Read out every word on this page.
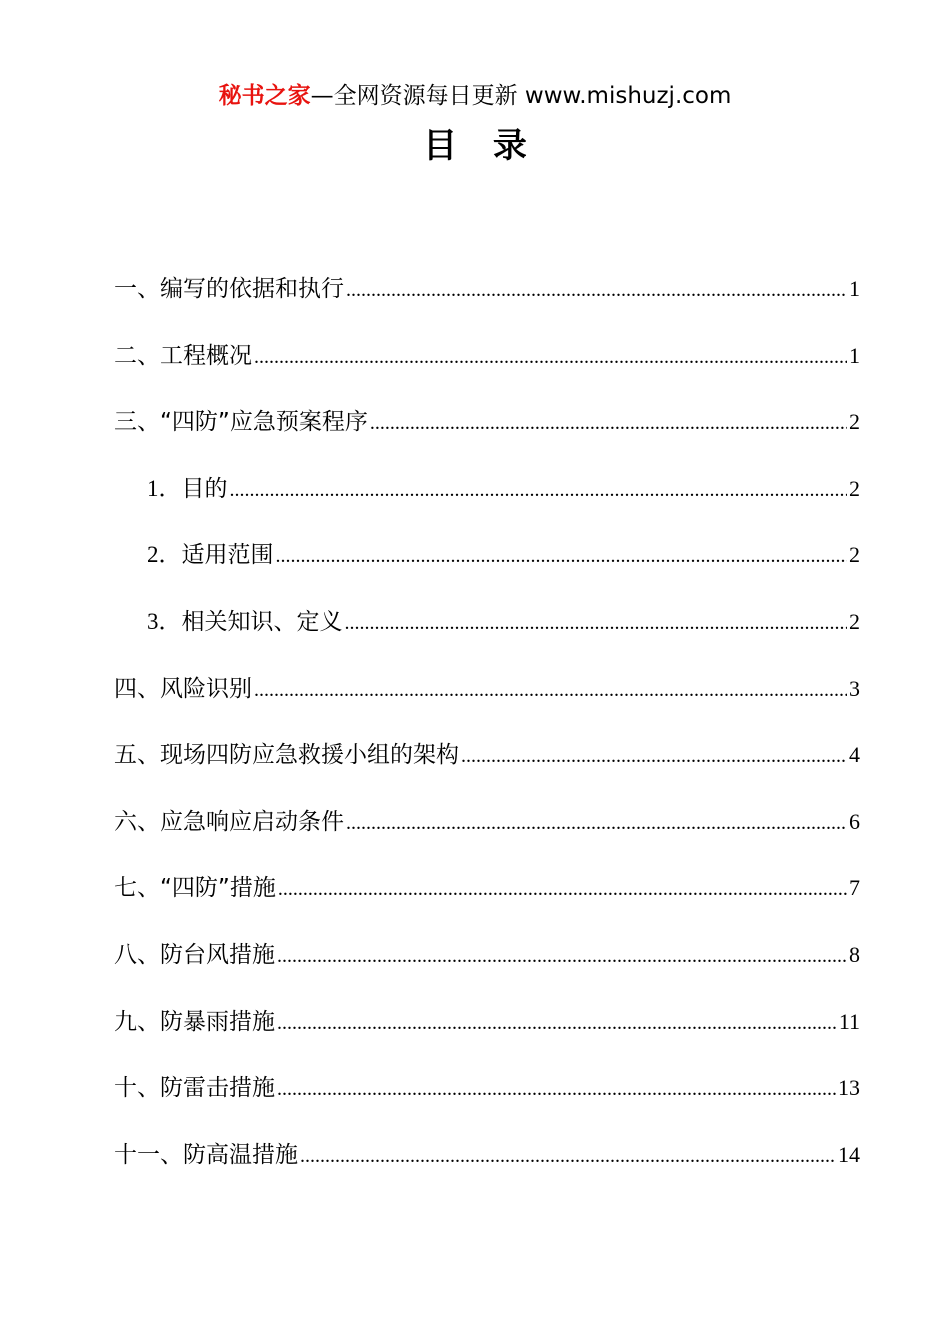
秘书之家—全网资源每日更新 www.mishuzj.com
目 录
一、编写的依据和执行 .....	1
二、工程概况 .....	1
三、“四防”应急预案程序 .....	2
1．目的 .....	2
2．适用范围 .....	2
3．相关知识、定义 .....	2
四、风险识别 .....	3
五、现场四防应急救援小组的架构 .....	4
六、应急响应启动条件 .....	6
七、“四防”措施 .....	7
八、防台风措施 .....	8
九、防暴雨措施 .....	11
十、防雷击措施 .....	13
十一、防高温措施 .....	14
